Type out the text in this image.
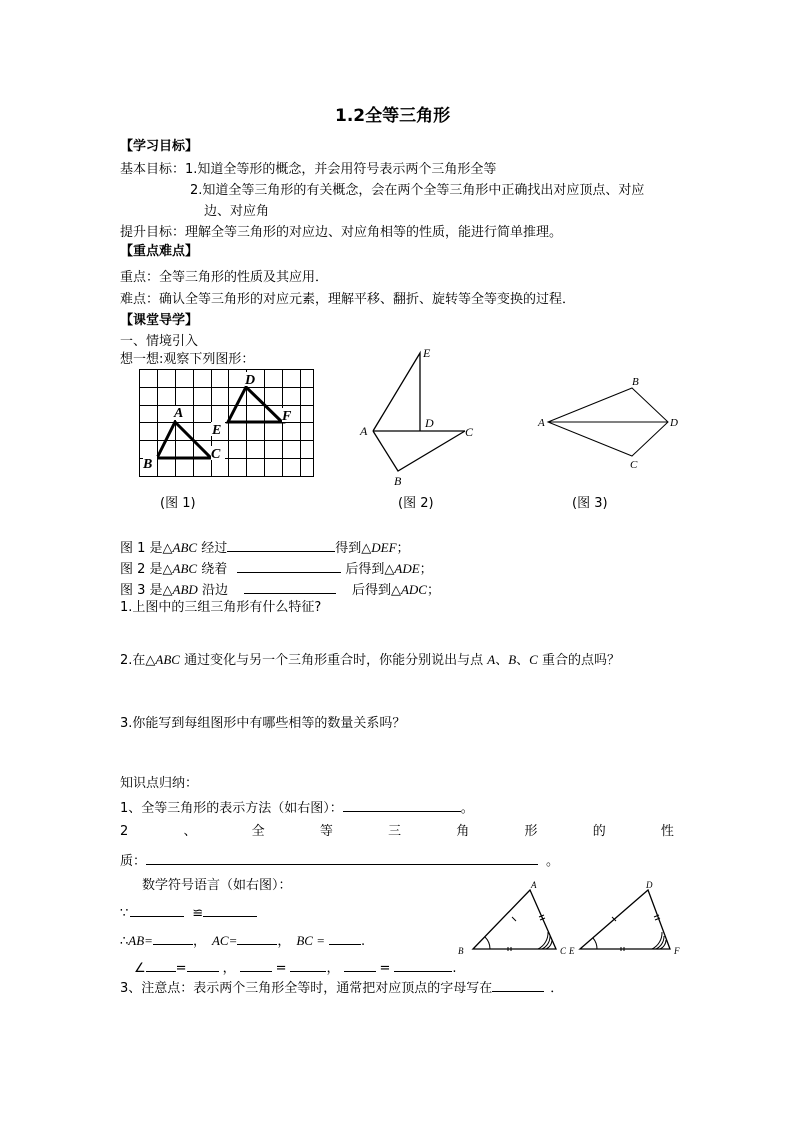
1.2全等三角形
【学习目标】
基本目标：1.知道全等形的概念，并会用符号表示两个三角形全等
2.知道全等三角形的有关概念，会在两个全等三角形中正确找出对应顶点、对应
边、对应角
提升目标：理解全等三角形的对应边、对应角相等的性质，能进行简单推理。
【重点难点】
重点：全等三角形的性质及其应用．
难点：确认全等三角形的对应元素，理解平移、翻折、旋转等全等变换的过程．
【课堂导学】
一、情境引入
想一想:观察下列图形：
A
B
C
D
E
F
(图 1)
E
A
D
C
B
(图 2)
A
B
D
C
(图 3)
图 1 是△ABC 经过	得到△DEF；
图 2 是△ABC 绕着	后得到△ADE；
图 3 是△ABD 沿边	后得到△ADC；
1.上图中的三组三角形有什么特征?
2.在△ABC 通过变化与另一个三角形重合时，你能分别说出与点 A、B、C 重合的点吗？
3.你能写到每组图形中有哪些相等的数量关系吗？
知识点归纳：
1、全等三角形的表示方法（如右图）：	。
2	、	全	等	三	角	形	的	性
质：	。
数学符号语言（如右图）：
∵	≌
∴AB=	， AC=	， BC =	.
∠ =	，	=	，	=	.
A
B	C
D
E	F
3、注意点：表示两个三角形全等时，通常把对应顶点的字母写在	．
